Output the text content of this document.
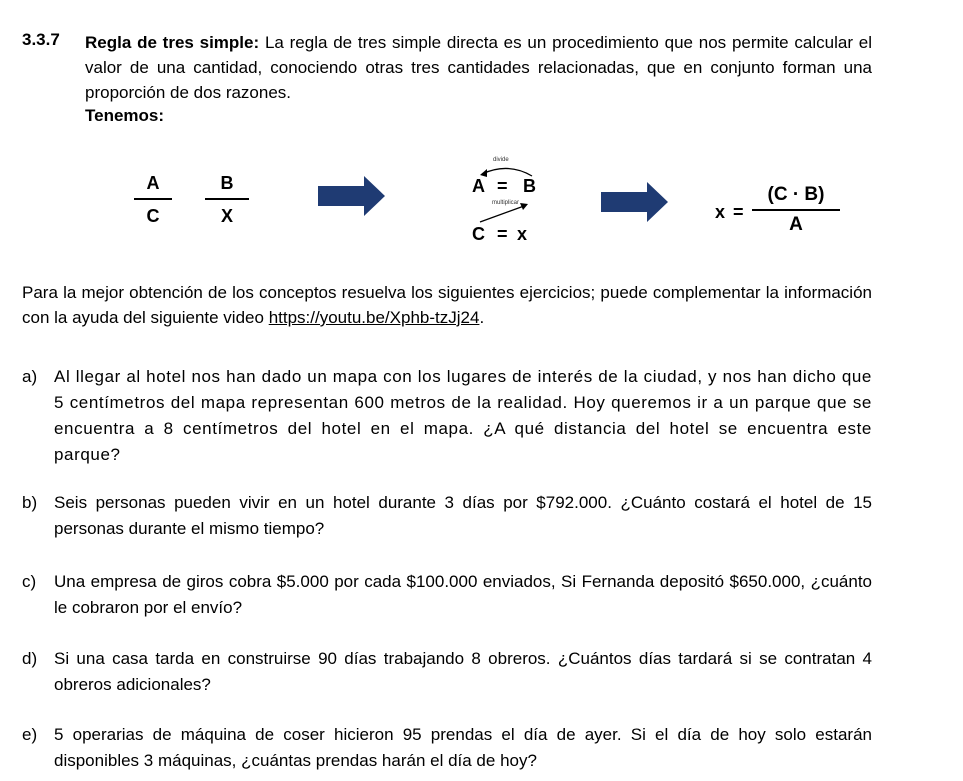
3.3.7 Regla de tres simple: La regla de tres simple directa es un procedimiento que nos permite calcular el valor de una cantidad, conociendo otras tres cantidades relacionadas, que en conjunto forman una proporción de dos razones.
Tenemos:
A
C
B
X
divide
A = B
multiplicar
C = x
x =
(C · B)
A
Para la mejor obtención de los conceptos resuelva los siguientes ejercicios; puede complementar la información con la ayuda del siguiente video https://youtu.be/Xphb-tzJj24.
a) Al llegar al hotel nos han dado un mapa con los lugares de interés de la ciudad, y nos han dicho que 5 centímetros del mapa representan 600 metros de la realidad. Hoy queremos ir a un parque que se encuentra a 8 centímetros del hotel en el mapa. ¿A qué distancia del hotel se encuentra este parque?
b) Seis personas pueden vivir en un hotel durante 3 días por $792.000. ¿Cuánto costará el hotel de 15 personas durante el mismo tiempo?
c) Una empresa de giros cobra $5.000 por cada $100.000 enviados, Si Fernanda depositó $650.000, ¿cuánto le cobraron por el envío?
d) Si una casa tarda en construirse 90 días trabajando 8 obreros. ¿Cuántos días tardará si se contratan 4 obreros adicionales?
e) 5 operarias de máquina de coser hicieron 95 prendas el día de ayer. Si el día de hoy solo estarán disponibles 3 máquinas, ¿cuántas prendas harán el día de hoy?
